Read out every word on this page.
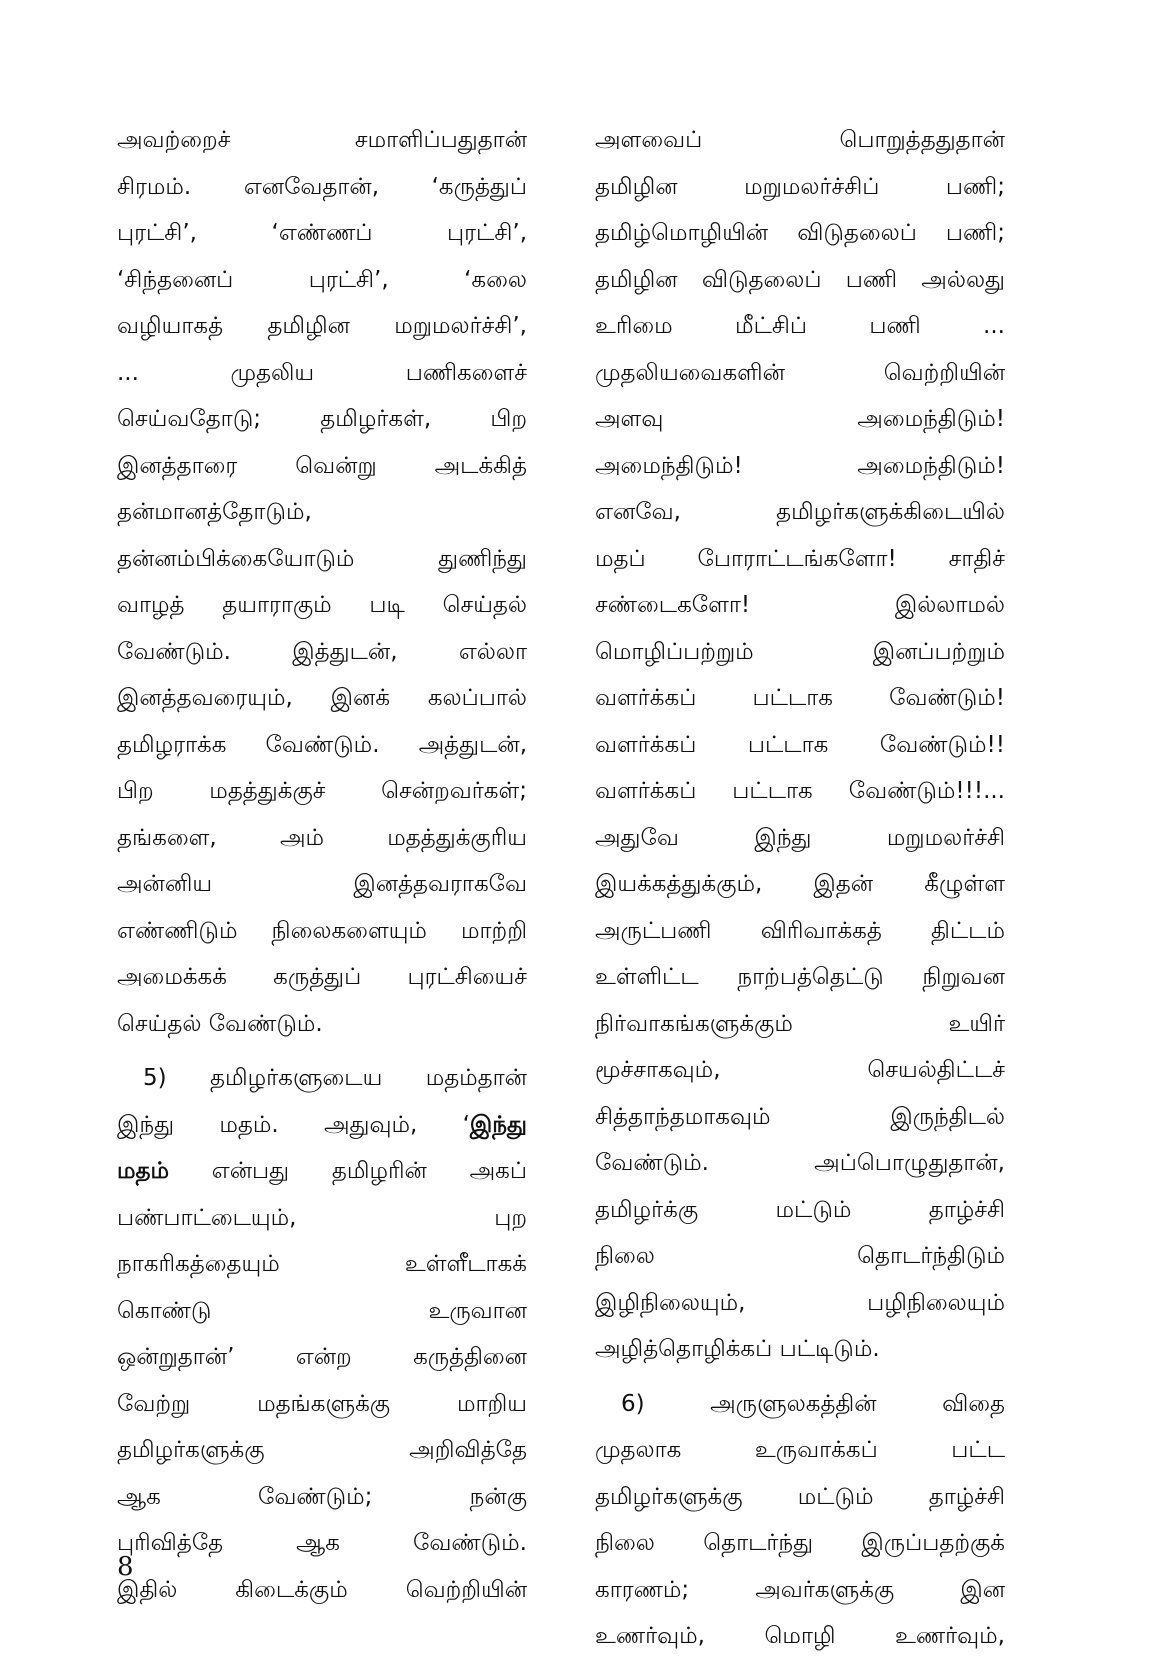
அவற்றைச் சமாளிப்பதுதான்
சிரமம். எனவேதான், ‘கருத்துப்
புரட்சி’, ‘எண்ணப் புரட்சி’,
‘சிந்தனைப் புரட்சி’, ‘கலை
வழியாகத் தமிழின மறுமலர்ச்சி’,
... முதலிய பணிகளைச்
செய்வதோடு; தமிழர்கள், பிற
இனத்தாரை வென்று அடக்கித்
தன்மானத்தோடும்,
தன்னம்பிக்கையோடும் துணிந்து
வாழத் தயாராகும் படி செய்தல்
வேண்டும். இத்துடன், எல்லா
இனத்தவரையும், இனக் கலப்பால்
தமிழராக்க வேண்டும். அத்துடன்,
பிற மதத்துக்குச் சென்றவர்கள்;
தங்களை, அம் மதத்துக்குரிய
அன்னிய இனத்தவராகவே
எண்ணிடும் நிலைகளையும் மாற்றி
அமைக்கக் கருத்துப் புரட்சியைச்
செய்தல் வேண்டும்.
5) தமிழர்களுடைய மதம்தான்
இந்து மதம். அதுவும், ‘இந்து
மதம் என்பது தமிழரின் அகப்
பண்பாட்டையும், புற
நாகரிகத்தையும் உள்ளீடாகக்
கொண்டு உருவான
ஒன்றுதான்’ என்ற கருத்தினை
வேற்று மதங்களுக்கு மாறிய
தமிழர்களுக்கு அறிவித்தே
ஆக வேண்டும்; நன்கு
புரிவித்தே ஆக வேண்டும்.
இதில் கிடைக்கும் வெற்றியின்
அளவைப் பொறுத்ததுதான்
தமிழின மறுமலர்ச்சிப் பணி;
தமிழ்மொழியின் விடுதலைப் பணி;
தமிழின விடுதலைப் பணி அல்லது
உரிமை மீட்சிப் பணி ...
முதலியவைகளின் வெற்றியின்
அளவு அமைந்திடும்!
அமைந்திடும்! அமைந்திடும்!
எனவே, தமிழர்களுக்கிடையில்
மதப் போராட்டங்களோ! சாதிச்
சண்டைகளோ! இல்லாமல்
மொழிப்பற்றும் இனப்பற்றும்
வளர்க்கப் பட்டாக வேண்டும்!
வளர்க்கப் பட்டாக வேண்டும்!!
வளர்க்கப் பட்டாக வேண்டும்!!!...
அதுவே இந்து மறுமலர்ச்சி
இயக்கத்துக்கும், இதன் கீழுள்ள
அருட்பணி விரிவாக்கத் திட்டம்
உள்ளிட்ட நாற்பத்தெட்டு நிறுவன
நிர்வாகங்களுக்கும் உயிர்
மூச்சாகவும், செயல்திட்டச்
சித்தாந்தமாகவும் இருந்திடல்
வேண்டும். அப்பொழுதுதான்,
தமிழர்க்கு மட்டும் தாழ்ச்சி
நிலை தொடர்ந்திடும்
இழிநிலையும், பழிநிலையும்
அழித்தொழிக்கப் பட்டிடும்.
6) அருளுலகத்தின் விதை
முதலாக உருவாக்கப் பட்ட
தமிழர்களுக்கு மட்டும் தாழ்ச்சி
நிலை தொடர்ந்து இருப்பதற்குக்
காரணம்; அவர்களுக்கு இன
உணர்வும், மொழி உணர்வும்,
8
